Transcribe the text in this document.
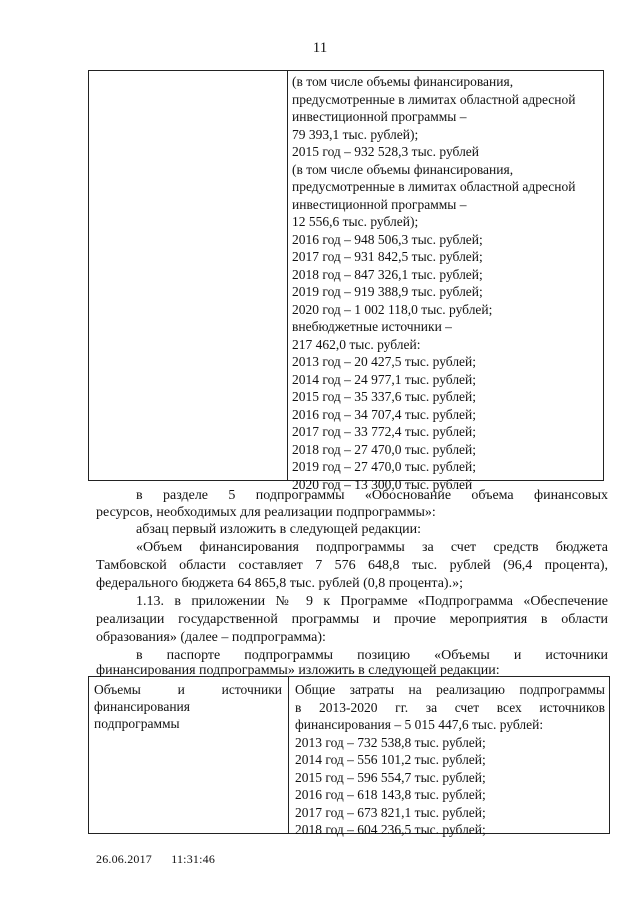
11
(в том числе объемы финансирования,
предусмотренные в лимитах областной адресной
инвестиционной программы –
79 393,1 тыс. рублей);
2015 год – 932 528,3 тыс. рублей
(в том числе объемы финансирования,
предусмотренные в лимитах областной адресной
инвестиционной программы –
12 556,6 тыс. рублей);
2016 год – 948 506,3 тыс. рублей;
2017 год – 931 842,5 тыс. рублей;
2018 год – 847 326,1 тыс. рублей;
2019 год – 919 388,9 тыс. рублей;
2020 год – 1 002 118,0 тыс. рублей;
внебюджетные источники –
217 462,0 тыс. рублей:
2013 год – 20 427,5 тыс. рублей;
2014 год – 24 977,1 тыс. рублей;
2015 год – 35 337,6 тыс. рублей;
2016 год – 34 707,4 тыс. рублей;
2017 год – 33 772,4 тыс. рублей;
2018 год – 27 470,0 тыс. рублей;
2019 год – 27 470,0 тыс. рублей;
2020 год – 13 300,0 тыс. рублей
в разделе 5 подпрограммы «Обоснование объема финансовых
ресурсов, необходимых для реализации подпрограммы»:
абзац первый изложить в следующей редакции:
«Объем финансирования подпрограммы за счет средств бюджета
Тамбовской области составляет 7 576 648,8 тыс. рублей (96,4 процента),
федерального бюджета 64 865,8 тыс. рублей (0,8 процента).»;
1.13. в приложении № 9 к Программе «Подпрограмма «Обеспечение
реализации государственной программы и прочие мероприятия в области
образования» (далее – подпрограмма):
в паспорте подпрограммы позицию «Объемы и источники
финансирования подпрограммы» изложить в следующей редакции:
Объемы и источники
финансирования
подпрограммы
Общие затраты на реализацию подпрограммы
в 2013-2020 гг. за счет всех источников
финансирования – 5 015 447,6 тыс. рублей:
2013 год – 732 538,8 тыс. рублей;
2014 год – 556 101,2 тыс. рублей;
2015 год – 596 554,7 тыс. рублей;
2016 год – 618 143,8 тыс. рублей;
2017 год – 673 821,1 тыс. рублей;
2018 год – 604 236,5 тыс. рублей;
26.06.2017 11:31:46
